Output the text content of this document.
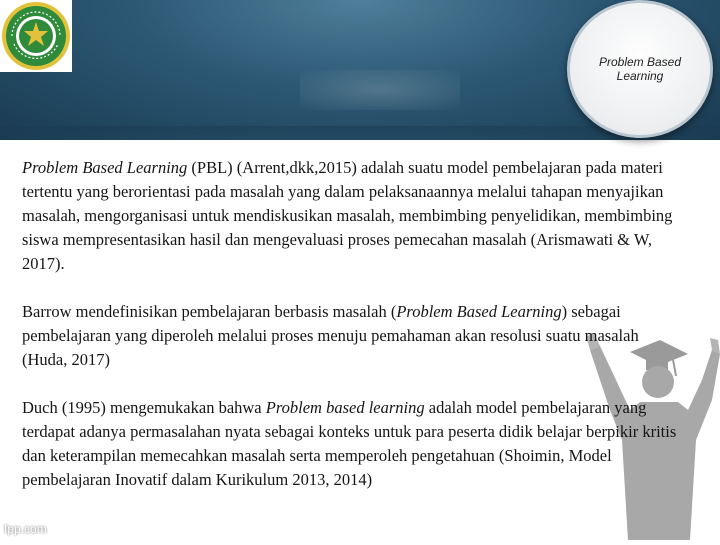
Problem Based Learning

Problem Based Learning (PBL) (Arrent,dkk,2015) adalah suatu model pembelajaran pada materi tertentu yang berorientasi pada masalah yang dalam pelaksanaannya melalui tahapan menyajikan masalah, mengorganisasi untuk mendiskusikan masalah, membimbing penyelidikan, membimbing siswa mempresentasikan hasil dan mengevaluasi proses pemecahan masalah (Arismawati & W, 2017).

Barrow mendefinisikan pembelajaran berbasis masalah (Problem Based Learning) sebagai pembelajaran yang diperoleh melalui proses menuju pemahaman akan resolusi suatu masalah (Huda, 2017)

Duch (1995) mengemukakan bahwa Problem based learning adalah model pembelajaran yang terdapat adanya permasalahan nyata sebagai konteks untuk para peserta didik belajar berpikir kritis dan keterampilan memecahkan masalah serta memperoleh pengetahuan (Shoimin, Model pembelajaran Inovatif dalam Kurikulum 2013, 2014)

fpp.com
